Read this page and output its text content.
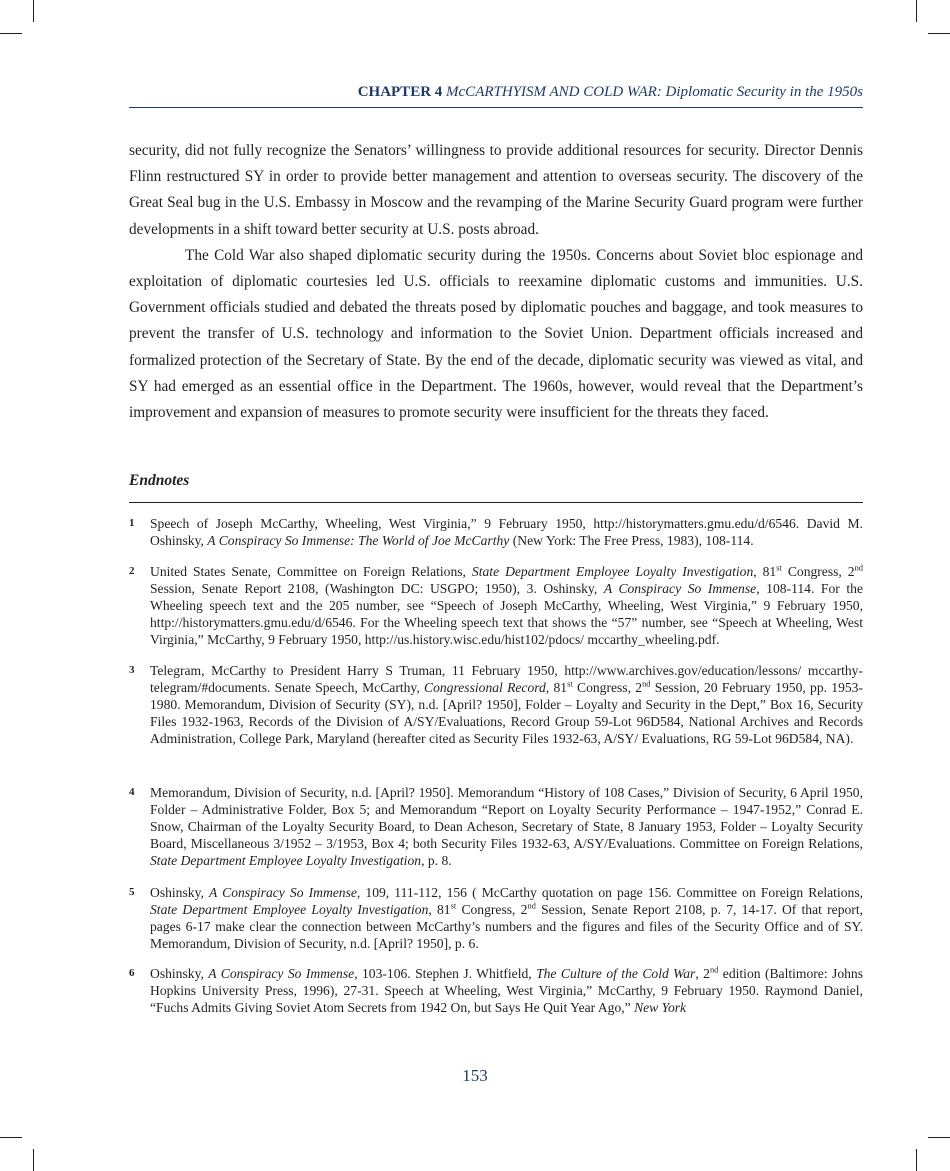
CHAPTER 4 McCARTHYISM AND COLD WAR: Diplomatic Security in the 1950s

security, did not fully recognize the Senators’ willingness to provide additional resources for security. Director Dennis Flinn restructured SY in order to provide better management and attention to overseas security. The discovery of the Great Seal bug in the U.S. Embassy in Moscow and the revamping of the Marine Security Guard program were further developments in a shift toward better security at U.S. posts abroad.

The Cold War also shaped diplomatic security during the 1950s. Concerns about Soviet bloc espionage and exploitation of diplomatic courtesies led U.S. officials to reexamine diplomatic customs and immunities. U.S. Government officials studied and debated the threats posed by diplomatic pouches and baggage, and took measures to prevent the transfer of U.S. technology and information to the Soviet Union. Department officials increased and formalized protection of the Secretary of State. By the end of the decade, diplomatic security was viewed as vital, and SY had emerged as an essential office in the Department. The 1960s, however, would reveal that the Department’s improvement and expansion of measures to promote security were insufficient for the threats they faced.

Endnotes
1	Speech of Joseph McCarthy, Wheeling, West Virginia,” 9 February 1950, http://historymatters.gmu.edu/d/6546. David M. Oshinsky, A Conspiracy So Immense: The World of Joe McCarthy (New York: The Free Press, 1983), 108-114.
2	United States Senate, Committee on Foreign Relations, State Department Employee Loyalty Investigation, 81st Congress, 2nd Session, Senate Report 2108, (Washington DC: USGPO; 1950), 3. Oshinsky, A Conspiracy So Immense, 108-114. For the Wheeling speech text and the 205 number, see “Speech of Joseph McCarthy, Wheeling, West Virginia,” 9 February 1950, http://historymatters.gmu.edu/d/6546. For the Wheeling speech text that shows the “57” number, see “Speech at Wheeling, West Virginia,” McCarthy, 9 February 1950, http://us.history.wisc.edu/hist102/pdocs/ mccarthy_wheeling.pdf.
3	Telegram, McCarthy to President Harry S Truman, 11 February 1950, http://www.archives.gov/education/lessons/ mccarthy-telegram/#documents. Senate Speech, McCarthy, Congressional Record, 81st Congress, 2nd Session, 20 February 1950, pp. 1953-1980. Memorandum, Division of Security (SY), n.d. [April? 1950], Folder – Loyalty and Security in the Dept,” Box 16, Security Files 1932-1963, Records of the Division of A/SY/Evaluations, Record Group 59-Lot 96D584, National Archives and Records Administration, College Park, Maryland (hereafter cited as Security Files 1932-63, A/SY/ Evaluations, RG 59-Lot 96D584, NA).
4	Memorandum, Division of Security, n.d. [April? 1950]. Memorandum “History of 108 Cases,” Division of Security, 6 April 1950, Folder – Administrative Folder, Box 5; and Memorandum “Report on Loyalty Security Performance – 1947-1952,” Conrad E. Snow, Chairman of the Loyalty Security Board, to Dean Acheson, Secretary of State, 8 January 1953, Folder – Loyalty Security Board, Miscellaneous 3/1952 – 3/1953, Box 4; both Security Files 1932-63, A/SY/Evaluations. Committee on Foreign Relations, State Department Employee Loyalty Investigation, p. 8.
5	Oshinsky, A Conspiracy So Immense, 109, 111-112, 156 ( McCarthy quotation on page 156. Committee on Foreign Relations, State Department Employee Loyalty Investigation, 81st Congress, 2nd Session, Senate Report 2108, p. 7, 14-17. Of that report, pages 6-17 make clear the connection between McCarthy’s numbers and the figures and files of the Security Office and of SY. Memorandum, Division of Security, n.d. [April? 1950], p. 6.
6	Oshinsky, A Conspiracy So Immense, 103-106. Stephen J. Whitfield, The Culture of the Cold War, 2nd edition (Baltimore: Johns Hopkins University Press, 1996), 27-31. Speech at Wheeling, West Virginia,” McCarthy, 9 February 1950. Raymond Daniel, “Fuchs Admits Giving Soviet Atom Secrets from 1942 On, but Says He Quit Year Ago,” New York
153
